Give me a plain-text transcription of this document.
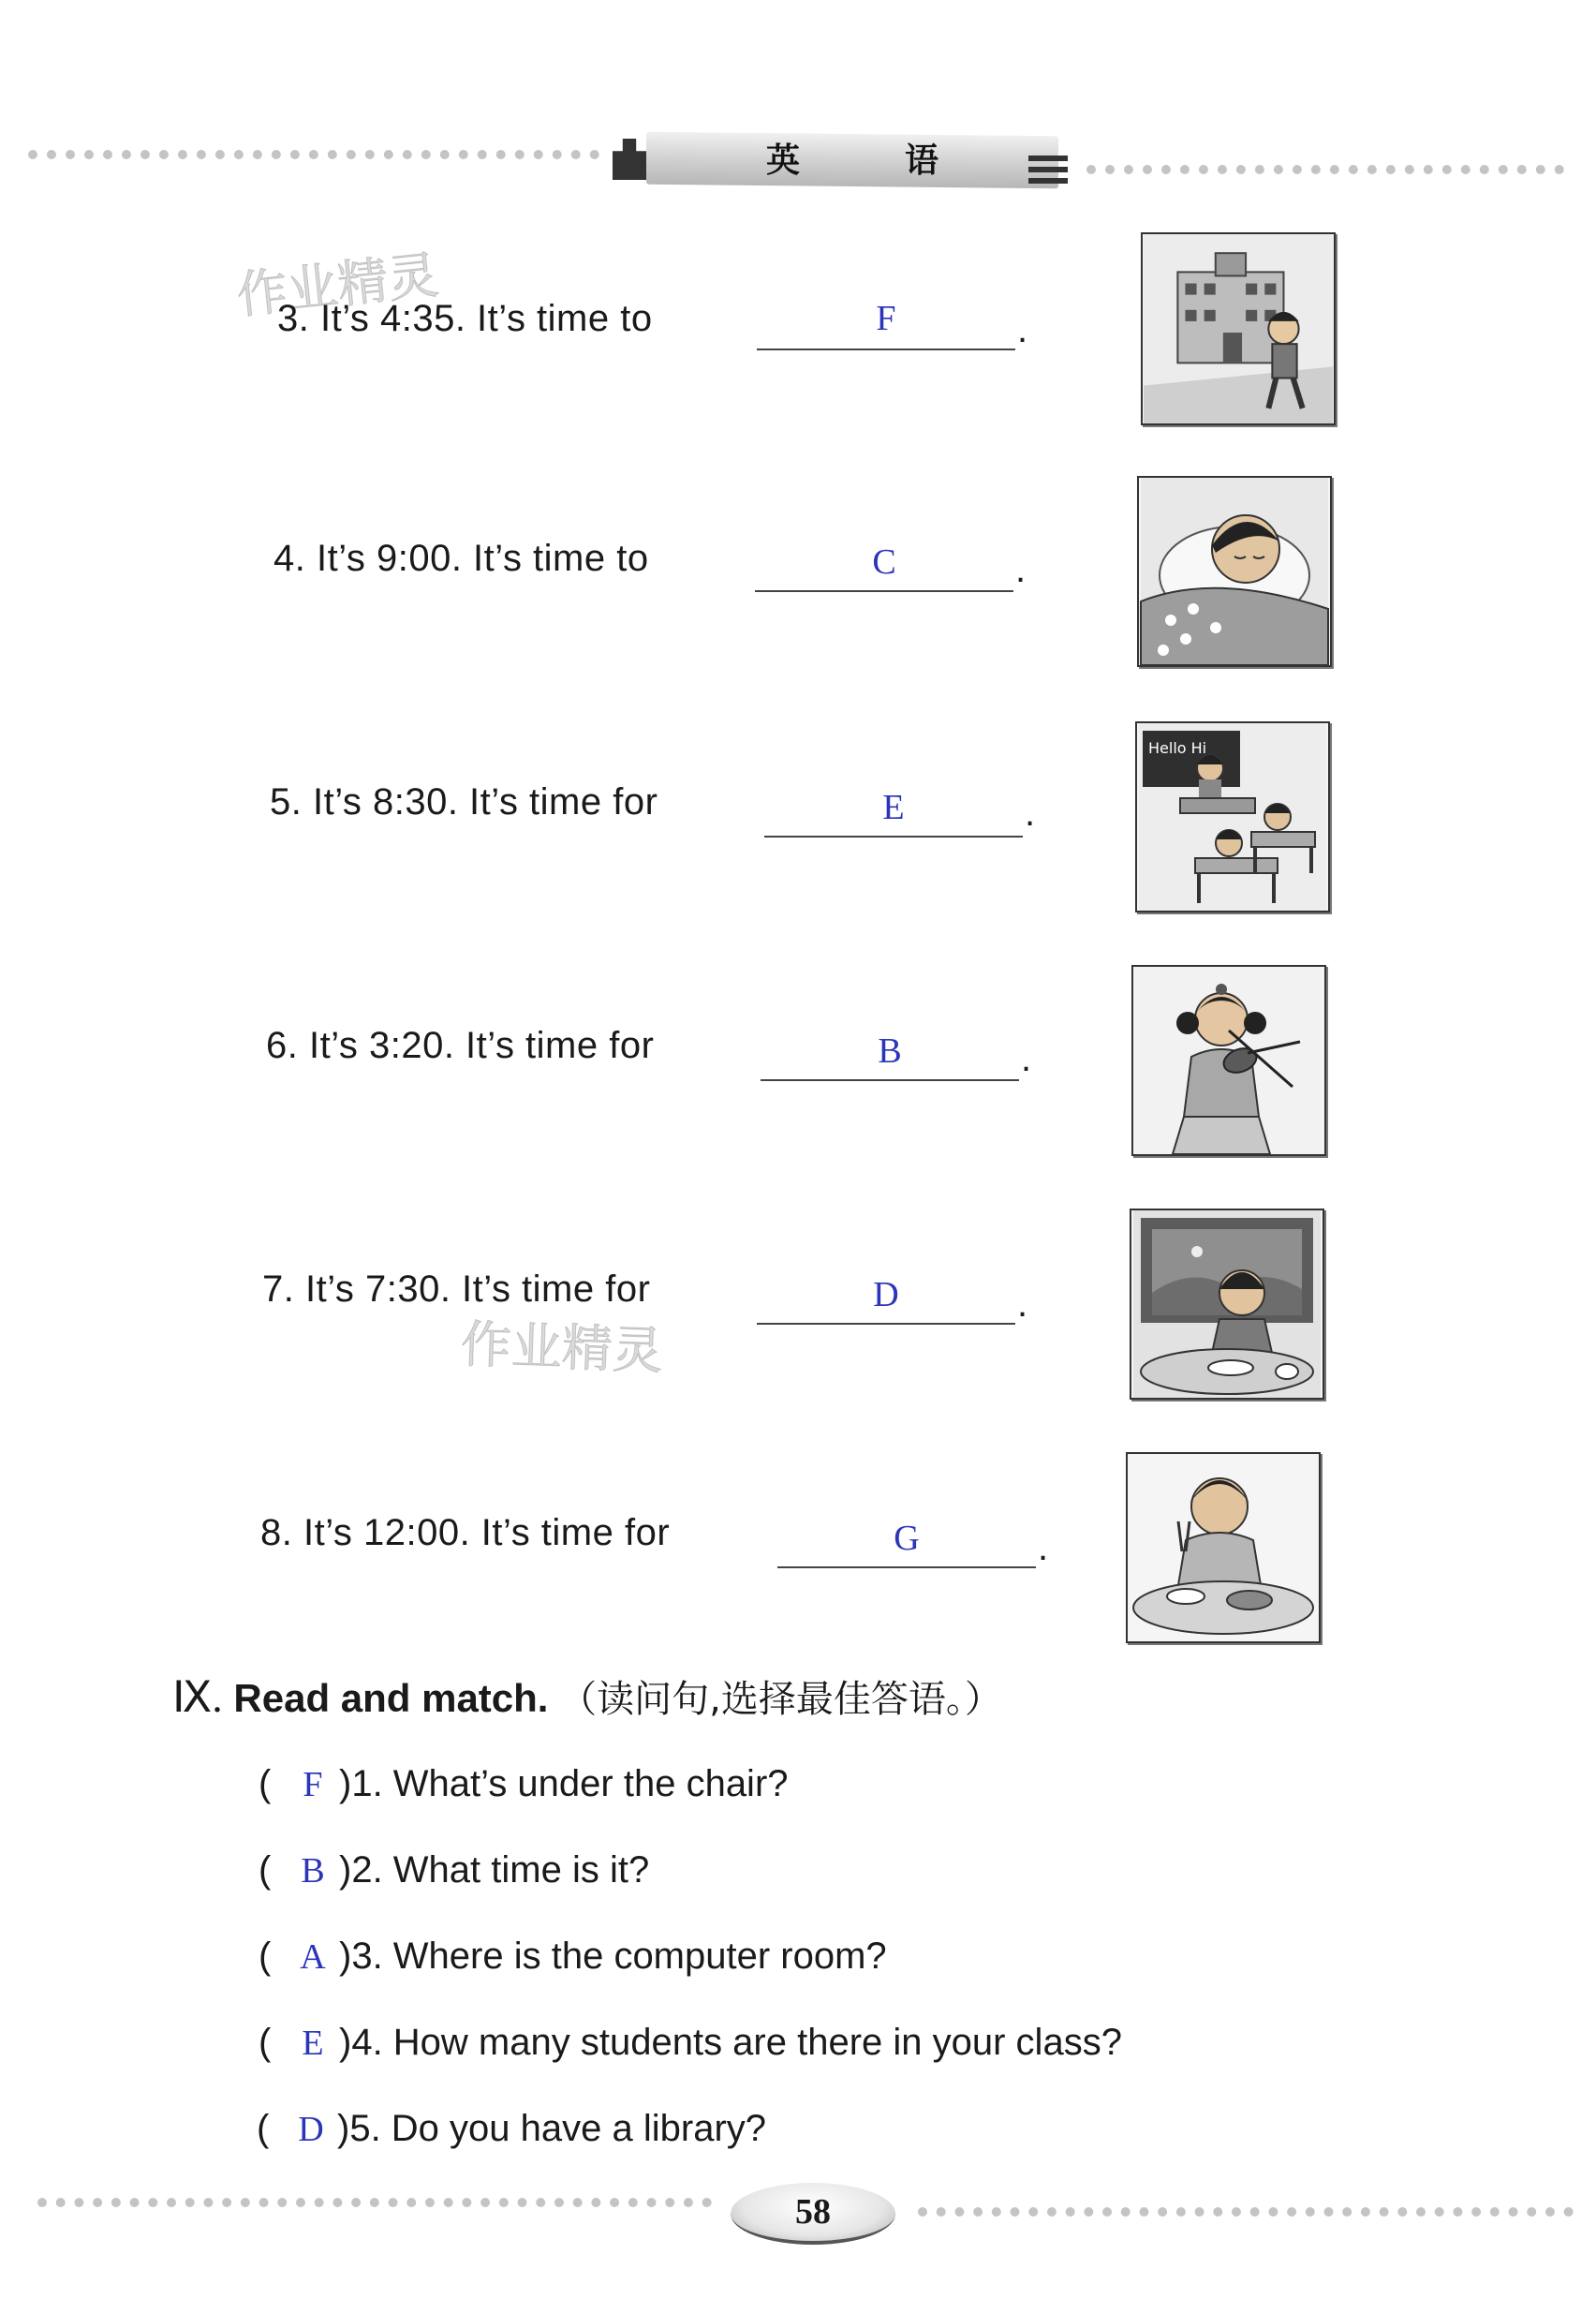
英	语
作业精灵
作业精灵
3. It’s 4:35. It’s time to	F	.
4. It’s 9:00. It’s time to	C	.
5. It’s 8:30. It’s time for	E	.
Hello Hi
6. It’s 3:20. It’s time for	B	.
7. It’s 7:30. It’s time for	D	.
8. It’s 12:00. It’s time for	G	.
Ⅸ. Read and match. （读问句,选择最佳答语。）
( F )1. What’s under the chair?
( B )2. What time is it?
( A )3. Where is the computer room?
( E )4. How many students are there in your class?
( D )5. Do you have a library?
58
